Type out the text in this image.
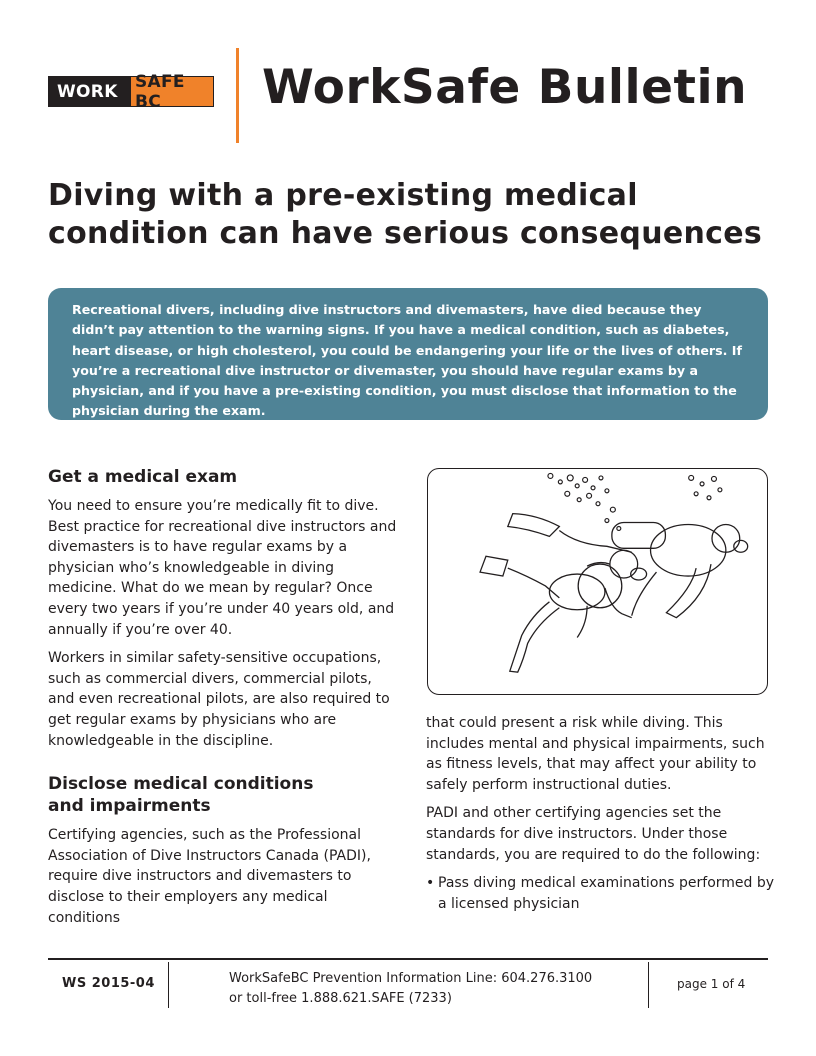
WORK	SAFE BC	WorkSafe Bulletin
Diving with a pre-existing medical condition can have serious consequences

Recreational divers, including dive instructors and divemasters, have died because they didn’t pay attention to the warning signs. If you have a medical condition, such as diabetes, heart disease, or high cholesterol, you could be endangering your life or the lives of others. If you’re a recreational dive instructor or divemaster, you should have regular exams by a physician, and if you have a pre-existing condition, you must disclose that information to the physician during the exam.

Get a medical exam

You need to ensure you’re medically fit to dive. Best practice for recreational dive instructors and divemasters is to have regular exams by a physician who’s knowledgeable in diving medicine. What do we mean by regular? Once every two years if you’re under 40 years old, and annually if you’re over 40.

Workers in similar safety-sensitive occupations, such as commercial divers, commercial pilots, and even recreational pilots, are also required to get regular exams by physicians who are knowledgeable in the discipline.

Disclose medical conditions
and impairments

Certifying agencies, such as the Professional Association of Dive Instructors Canada (PADI), require dive instructors and divemasters to disclose to their employers any medical conditions

that could present a risk while diving. This includes mental and physical impairments, such as fitness levels, that may affect your ability to safely perform instructional duties.

PADI and other certifying agencies set the standards for dive instructors. Under those standards, you are required to do the following:

• Pass diving medical examinations performed by a licensed physician
WS 2015-04	WorkSafeBC Prevention Information Line: 604.276.3100
or toll-free 1.888.621.SAFE (7233)
page 1 of 4
